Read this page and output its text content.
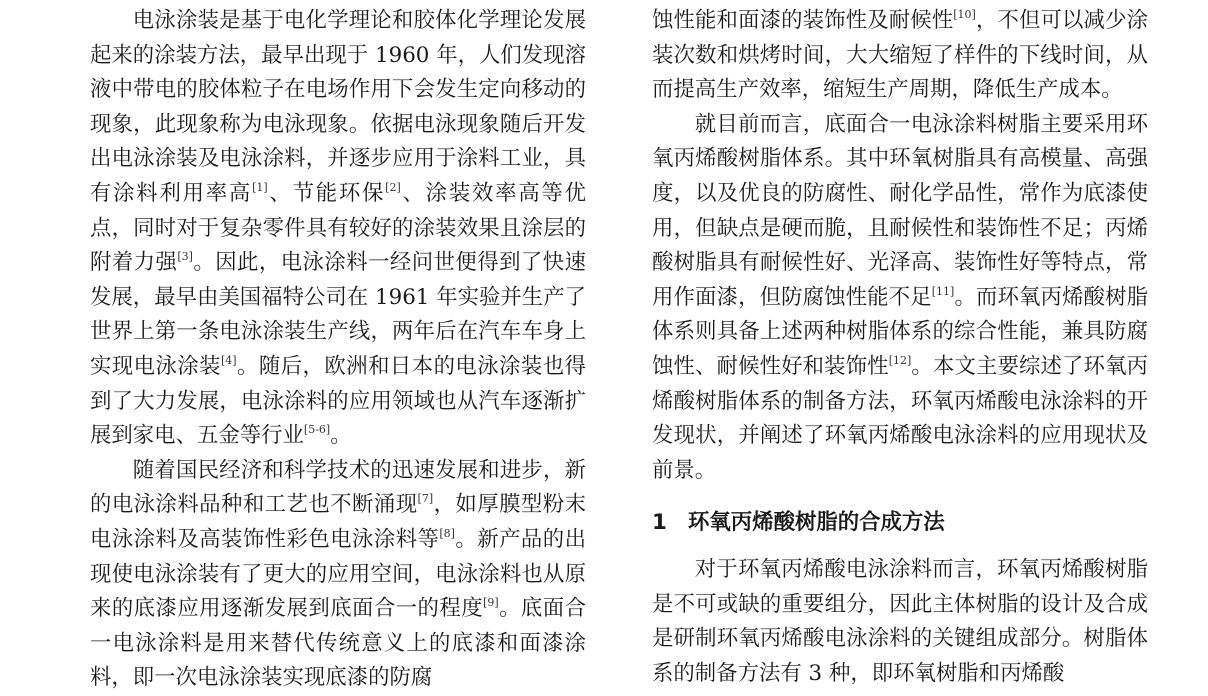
电泳涂装是基于电化学理论和胶体化学理论发展起来的涂装方法，最早出现于 1960 年，人们发现溶液中带电的胶体粒子在电场作用下会发生定向移动的现象，此现象称为电泳现象。依据电泳现象随后开发出电泳涂装及电泳涂料，并逐步应用于涂料工业，具有涂料利用率高[1]、节能环保[2]、涂装效率高等优点，同时对于复杂零件具有较好的涂装效果且涂层的附着力强[3]。因此，电泳涂料一经问世便得到了快速发展，最早由美国福特公司在 1961 年实验并生产了世界上第一条电泳涂装生产线，两年后在汽车车身上实现电泳涂装[4]。随后，欧洲和日本的电泳涂装也得到了大力发展，电泳涂料的应用领域也从汽车逐渐扩展到家电、五金等行业[5-6]。

随着国民经济和科学技术的迅速发展和进步，新的电泳涂料品种和工艺也不断涌现[7]，如厚膜型粉末电泳涂料及高装饰性彩色电泳涂料等[8]。新产品的出现使电泳涂装有了更大的应用空间，电泳涂料也从原来的底漆应用逐渐发展到底面合一的程度[9]。底面合一电泳涂料是用来替代传统意义上的底漆和面漆涂料，即一次电泳涂装实现底漆的防腐

蚀性能和面漆的装饰性及耐候性[10]，不但可以减少涂装次数和烘烤时间，大大缩短了样件的下线时间，从而提高生产效率，缩短生产周期，降低生产成本。

就目前而言，底面合一电泳涂料树脂主要采用环氧丙烯酸树脂体系。其中环氧树脂具有高模量、高强度，以及优良的防腐性、耐化学品性，常作为底漆使用，但缺点是硬而脆，且耐候性和装饰性不足；丙烯酸树脂具有耐候性好、光泽高、装饰性好等特点，常用作面漆，但防腐蚀性能不足[11]。而环氧丙烯酸树脂体系则具备上述两种树脂体系的综合性能，兼具防腐蚀性、耐候性好和装饰性[12]。本文主要综述了环氧丙烯酸树脂体系的制备方法，环氧丙烯酸电泳涂料的开发现状，并阐述了环氧丙烯酸电泳涂料的应用现状及前景。

1 环氧丙烯酸树脂的合成方法

对于环氧丙烯酸电泳涂料而言，环氧丙烯酸树脂是不可或缺的重要组分，因此主体树脂的设计及合成是研制环氧丙烯酸电泳涂料的关键组成部分。树脂体系的制备方法有 3 种，即环氧树脂和丙烯酸
